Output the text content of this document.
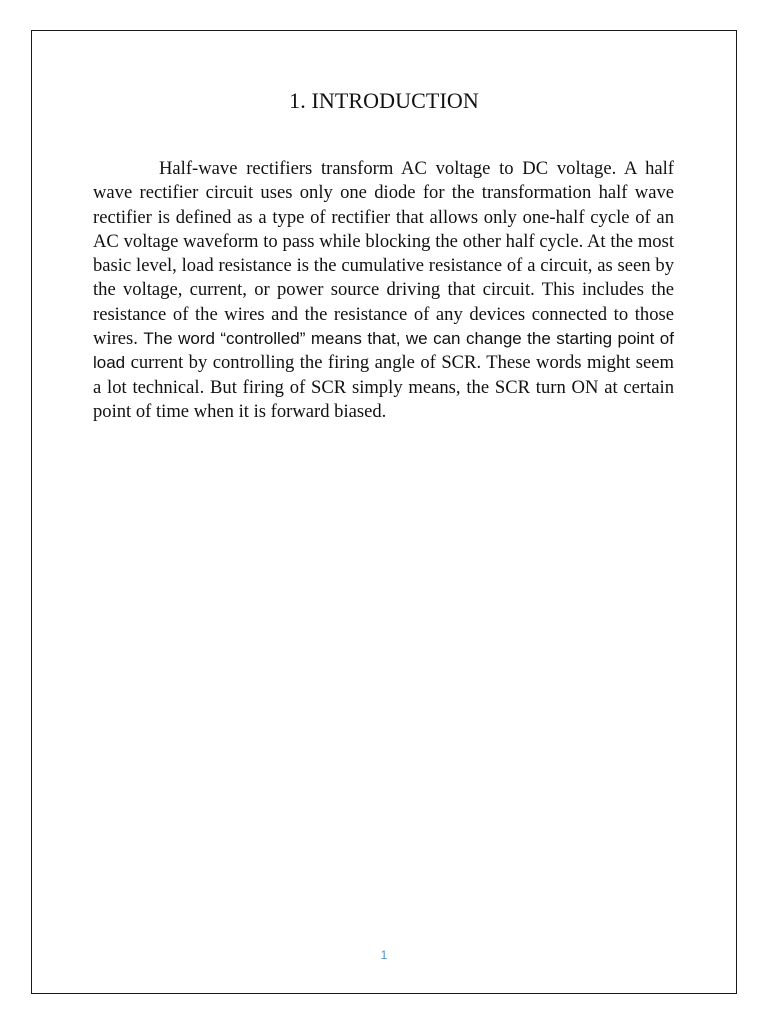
1. INTRODUCTION

Half-wave rectifiers transform AC voltage to DC voltage. A half wave rectifier circuit uses only one diode for the transformation half wave rectifier is defined as a type of rectifier that allows only one-half cycle of an AC voltage waveform to pass while blocking the other half cycle. At the most basic level, load resistance is the cumulative resistance of a circuit, as seen by the voltage, current, or power source driving that circuit. This includes the resistance of the wires and the resistance of any devices connected to those wires. The word “controlled” means that, we can change the starting point of load current by controlling the firing angle of SCR. These words might seem a lot technical. But firing of SCR simply means, the SCR turn ON at certain point of time when it is forward biased.

1
